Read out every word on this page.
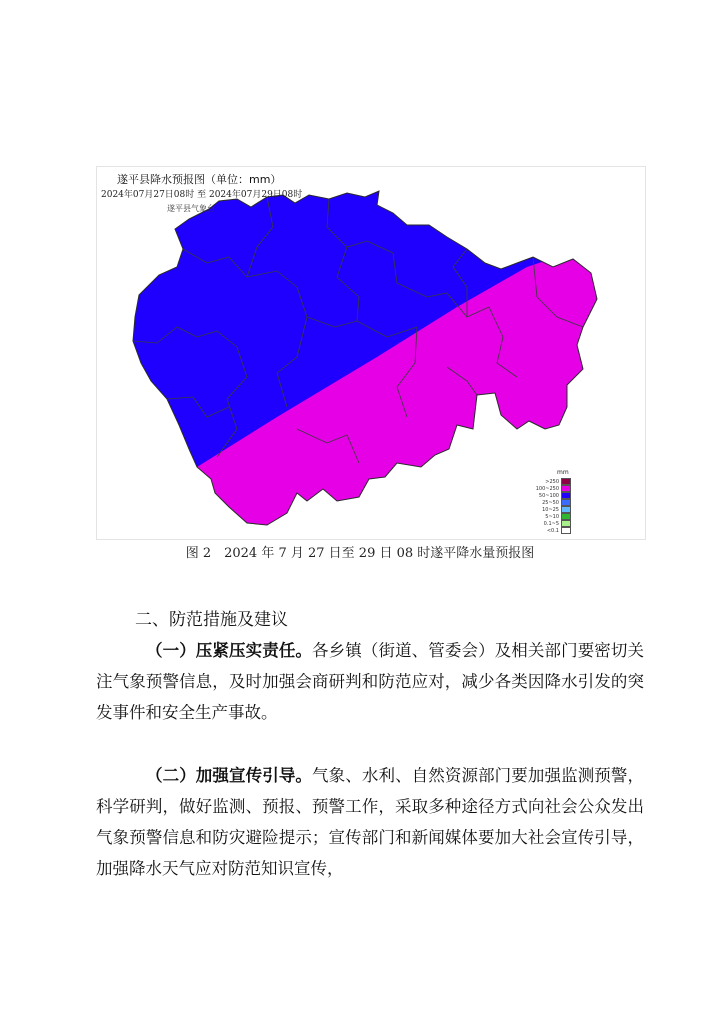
遂平县降水预报图（单位：mm）
2024年07月27日08时 至 2024年07月29日08时
遂平县气象台
mm
>250
100~250
50~100
25~50
10~25
5~10
0.1~5
<0.1
图 2　2024 年 7 月 27 日至 29 日 08 时遂平降水量预报图
二、防范措施及建议
（一）压紧压实责任。各乡镇（街道、管委会）及相关部门要密切关注气象预警信息，及时加强会商研判和防范应对，减少各类因降水引发的突发事件和安全生产事故。
（二）加强宣传引导。气象、水利、自然资源部门要加强监测预警，科学研判，做好监测、预报、预警工作，采取多种途径方式向社会公众发出气象预警信息和防灾避险提示；宣传部门和新闻媒体要加大社会宣传引导，加强降水天气应对防范知识宣传，
